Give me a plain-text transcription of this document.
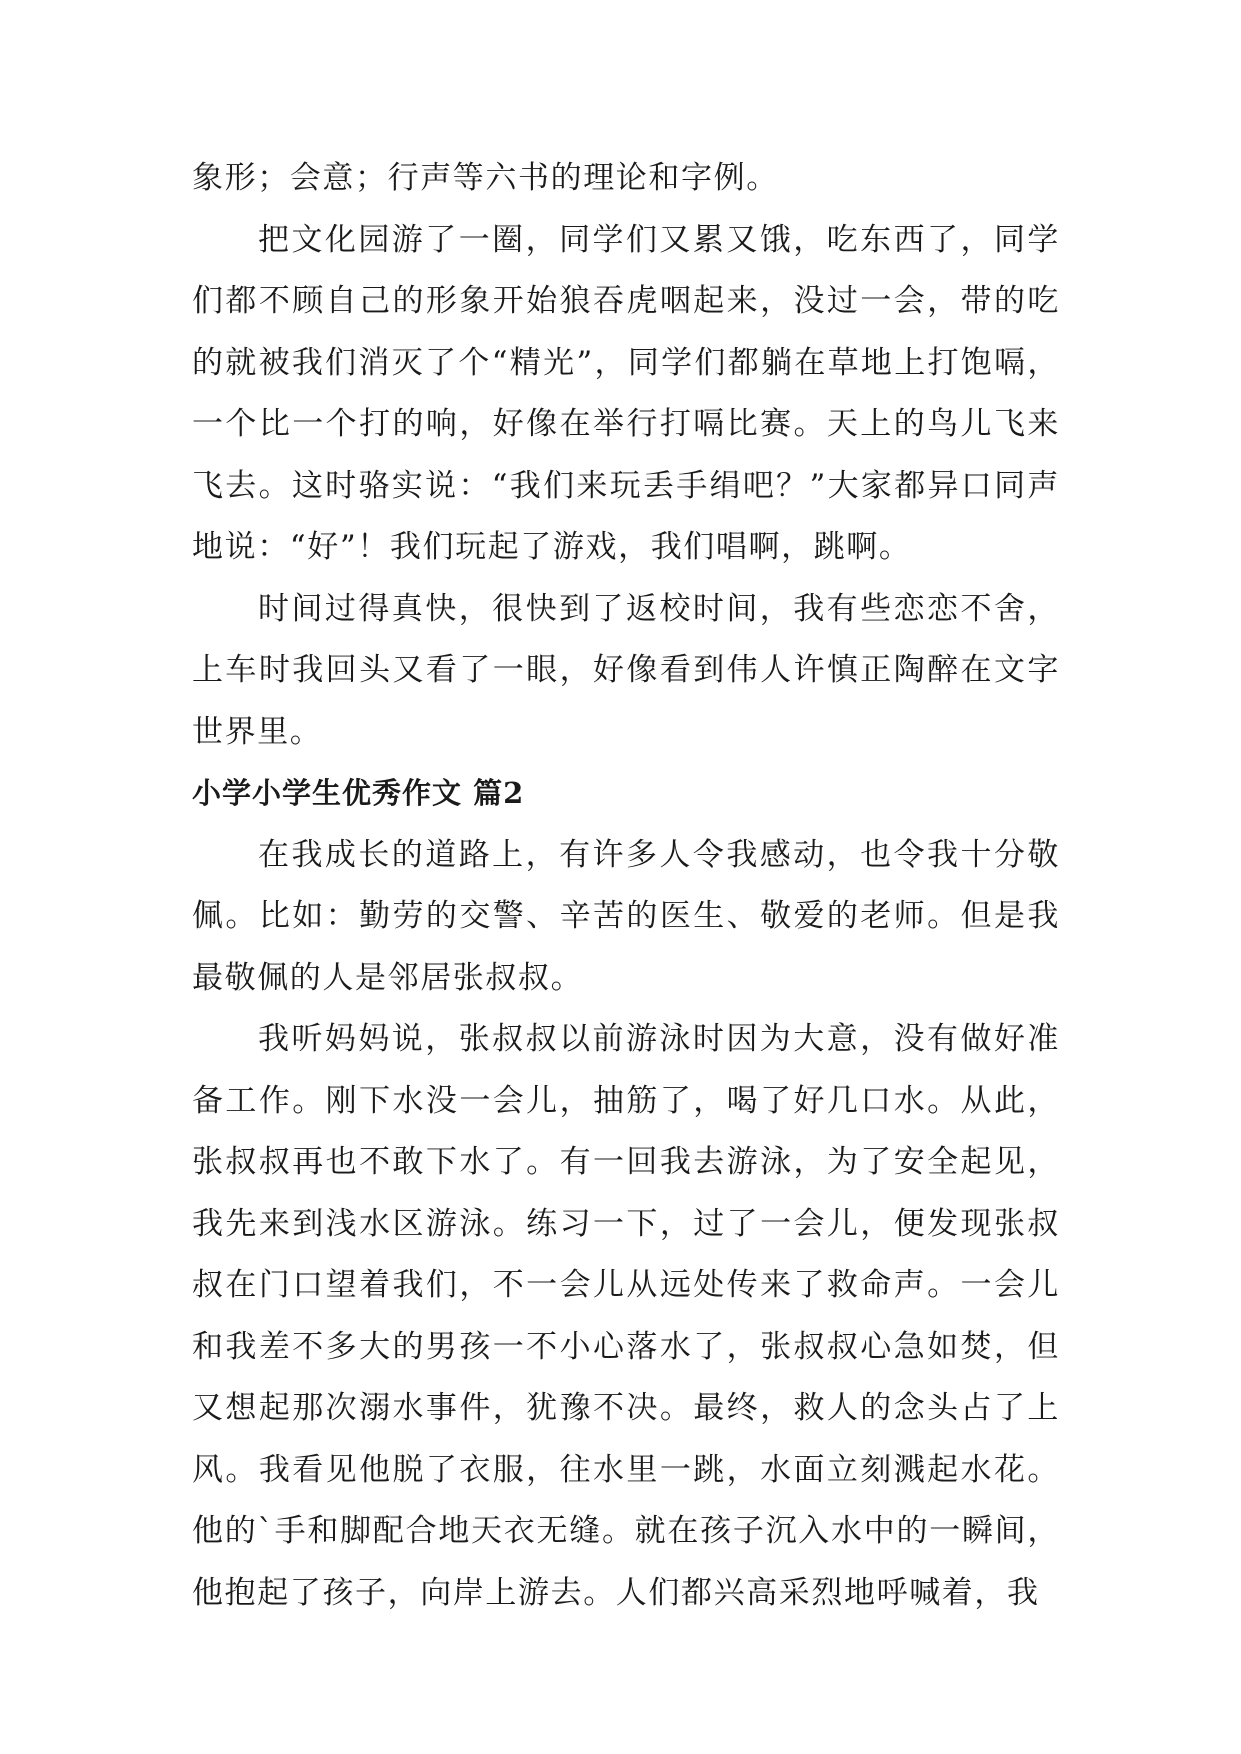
象形；会意；行声等六书的理论和字例。

把文化园游了一圈，同学们又累又饿，吃东西了，同学们都不顾自己的形象开始狼吞虎咽起来，没过一会，带的吃的就被我们消灭了个“精光”，同学们都躺在草地上打饱嗝，一个比一个打的响，好像在举行打嗝比赛。天上的鸟儿飞来飞去。这时骆实说：“我们来玩丢手绢吧？”大家都异口同声地说：“好”！我们玩起了游戏，我们唱啊，跳啊。

时间过得真快，很快到了返校时间，我有些恋恋不舍，上车时我回头又看了一眼，好像看到伟人许慎正陶醉在文字世界里。

小学小学生优秀作文 篇2

在我成长的道路上，有许多人令我感动，也令我十分敬佩。比如：勤劳的交警、辛苦的医生、敬爱的老师。但是我最敬佩的人是邻居张叔叔。

我听妈妈说，张叔叔以前游泳时因为大意，没有做好准备工作。刚下水没一会儿，抽筋了，喝了好几口水。从此，张叔叔再也不敢下水了。有一回我去游泳，为了安全起见，我先来到浅水区游泳。练习一下，过了一会儿，便发现张叔叔在门口望着我们，不一会儿从远处传来了救命声。一会儿和我差不多大的男孩一不小心落水了，张叔叔心急如焚，但又想起那次溺水事件，犹豫不决。最终，救人的念头占了上风。我看见他脱了衣服，往水里一跳，水面立刻溅起水花。他的`手和脚配合地天衣无缝。就在孩子沉入水中的一瞬间，他抱起了孩子，向岸上游去。人们都兴高采烈地呼喊着，我
